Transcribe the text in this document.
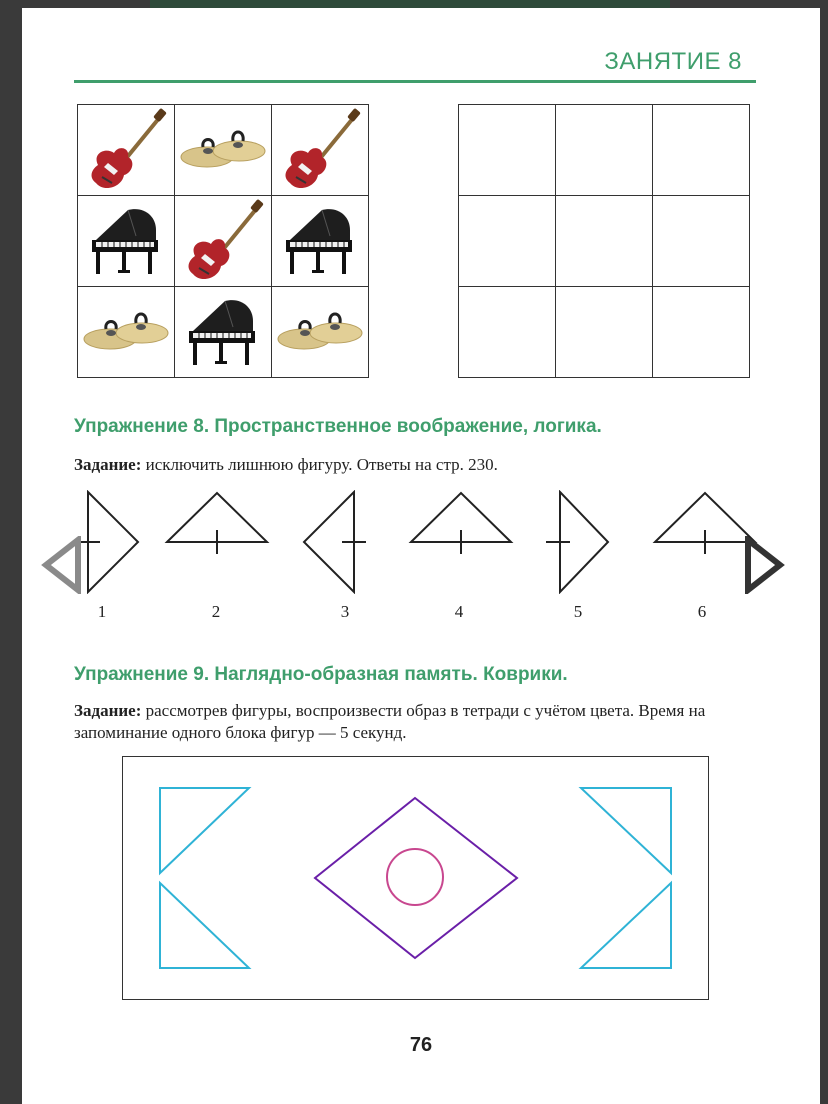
ЗАНЯТИЕ 8

Упражнение 8. Пространственное воображение, логика.
Задание: исключить лишнюю фигуру. Ответы на стр. 230.
1	2	3	4	5	6
Упражнение 9. Наглядно-образная память. Коврики.
Задание: рассмотрев фигуры, воспроизвести образ в тетради с учётом цвета. Время на запоминание одного блока фигур — 5 секунд.
76
